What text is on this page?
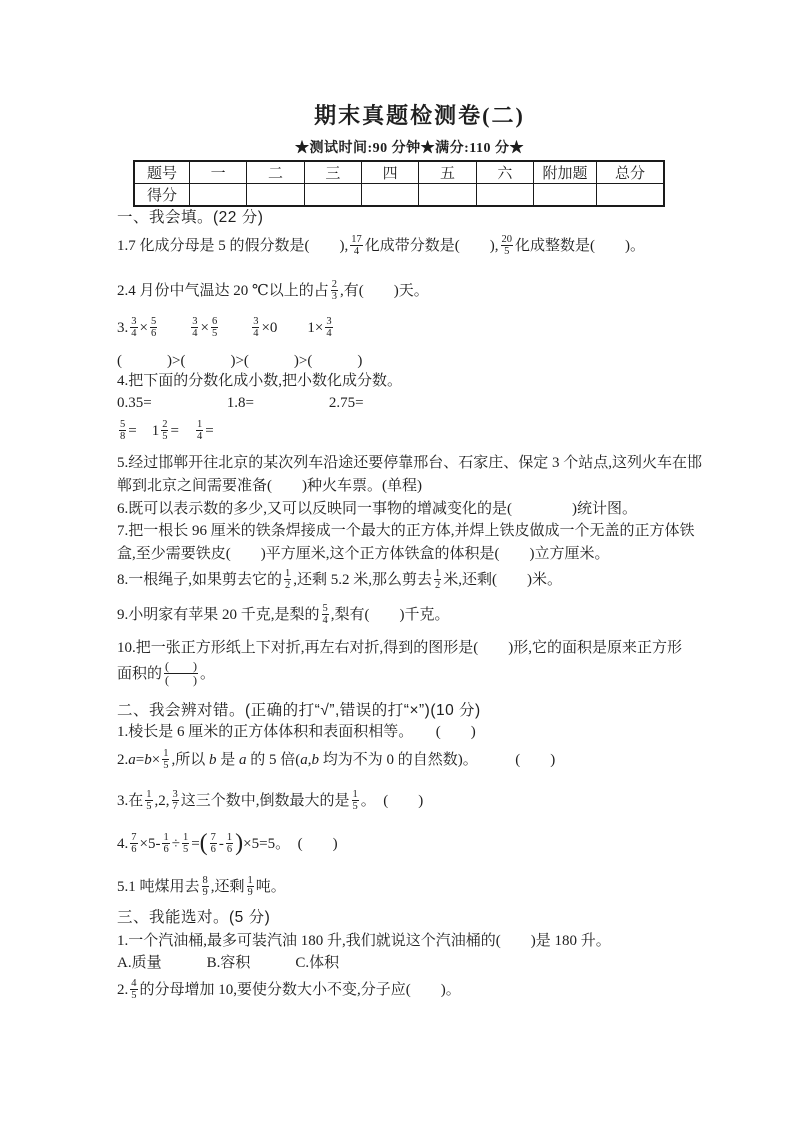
期末真题检测卷(二)
★测试时间:90 分钟★满分:110 分★
题号	一	二	三	四	五	六	附加题	总分
得分								
一、我会填。(22 分)
1.7 化成分母是 5 的假分数是(　　), $\frac{17}{4}$ 化成带分数是(　　), $\frac{20}{5}$ 化成整数是(　　)。
2.4 月份中气温达 20 ℃以上的占 $\frac{2}{3}$ ,有(　　)天。
3. $\frac{3}{4} \times \frac{5}{6}$
　　	$\frac{3}{4} \times \frac{6}{5}$
　　	$\frac{3}{4} \times 0$　　$1\times \frac{3}{4}$
(　　　)>(　　　)>(　　　)>(　　　)
4.把下面的分数化成小数,把小数化成分数。
0.35=　　　　　1.8=　　　　　2.75=
$\frac{5}{8}$ =　$1 \frac{2}{5}$ =　 $\frac{1}{4}$ =
5.经过邯郸开往北京的某次列车沿途还要停靠邢台、石家庄、保定 3 个站点,这列火车在邯
郸到北京之间需要准备(　　)种火车票。(单程)
6.既可以表示数的多少,又可以反映同一事物的增减变化的是(　　　　)统计图。
7.把一根长 96 厘米的铁条焊接成一个最大的正方体,并焊上铁皮做成一个无盖的正方体铁
盒,至少需要铁皮(　　)平方厘米,这个正方体铁盒的体积是(　　)立方厘米。
8.一根绳子,如果剪去它的 $\frac{1}{2}$ ,还剩 5.2 米,那么剪去 $\frac{1}{2}$ 米,还剩(　　)米。
9.小明家有苹果 20 千克,是梨的 $\frac{5}{4}$ ,梨有(　　)千克。
10.把一张正方形纸上下对折,再左右对折,得到的图形是(　　)形,它的面积是原来正方形
面积的 $\frac{( )}{( )}$ 。
二、我会辨对错。(正确的打“√”,错误的打“×”)(10 分)
1.棱长是 6 厘米的正方体体积和表面积相等。　　(　　)
$2.a=b\times \frac{1}{5}$ ,所以 b 是 a 的 5 倍(a,b 均为不为 0 的自然数)。　　　(　　)
3.在 $\frac{1}{5} ,2$, $\frac{3}{7}$ 这三个数中,倒数最大的是 $\frac{1}{5}$ 。　(　　)
4. $\frac{7}{6} \times 5- \frac{1}{6} \div \frac{1}{5}$ =( $\frac{7}{6} - \frac{1}{6} )\times 5=5$。　(　　)
5.1 吨煤用去 $\frac{8}{9}$ ,还剩 $\frac{1}{9}$ 吨。
三、我能选对。(5 分)
1.一个汽油桶,最多可装汽油 180 升,我们就说这个汽油桶的(　　)是 180 升。
A.质量　　　B.容积　　　C.体积
2. $\frac{4}{5}$ 的分母增加 10,要使分数大小不变,分子应(　　)。
